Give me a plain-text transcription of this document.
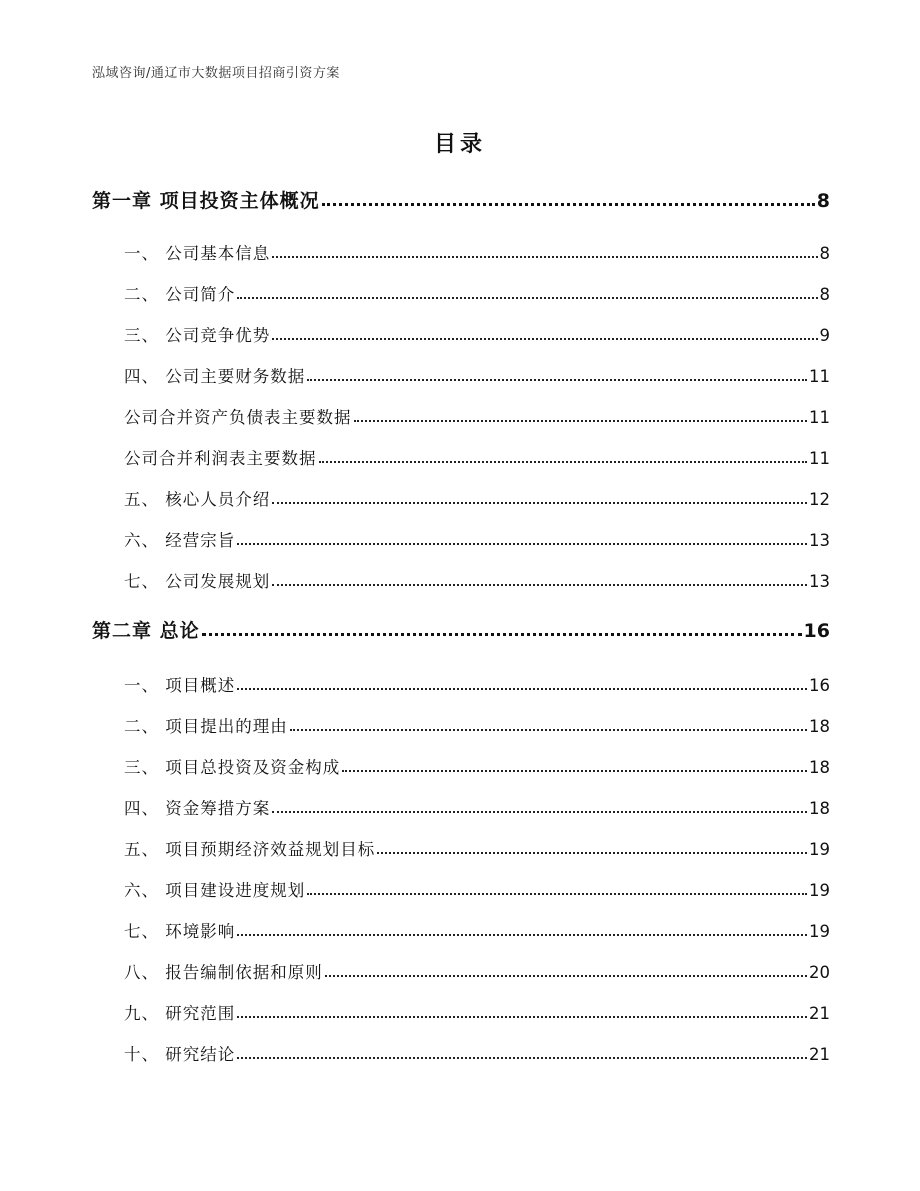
泓域咨询/通辽市大数据项目招商引资方案
目录
第一章 项目投资主体概况	8
一、 公司基本信息	8
二、 公司简介	8
三、 公司竞争优势	9
四、 公司主要财务数据	11
公司合并资产负债表主要数据	11
公司合并利润表主要数据	11
五、 核心人员介绍	12
六、 经营宗旨	13
七、 公司发展规划	13
第二章 总论	16
一、 项目概述	16
二、 项目提出的理由	18
三、 项目总投资及资金构成	18
四、 资金筹措方案	18
五、 项目预期经济效益规划目标	19
六、 项目建设进度规划	19
七、 环境影响	19
八、 报告编制依据和原则	20
九、 研究范围	21
十、 研究结论	21
